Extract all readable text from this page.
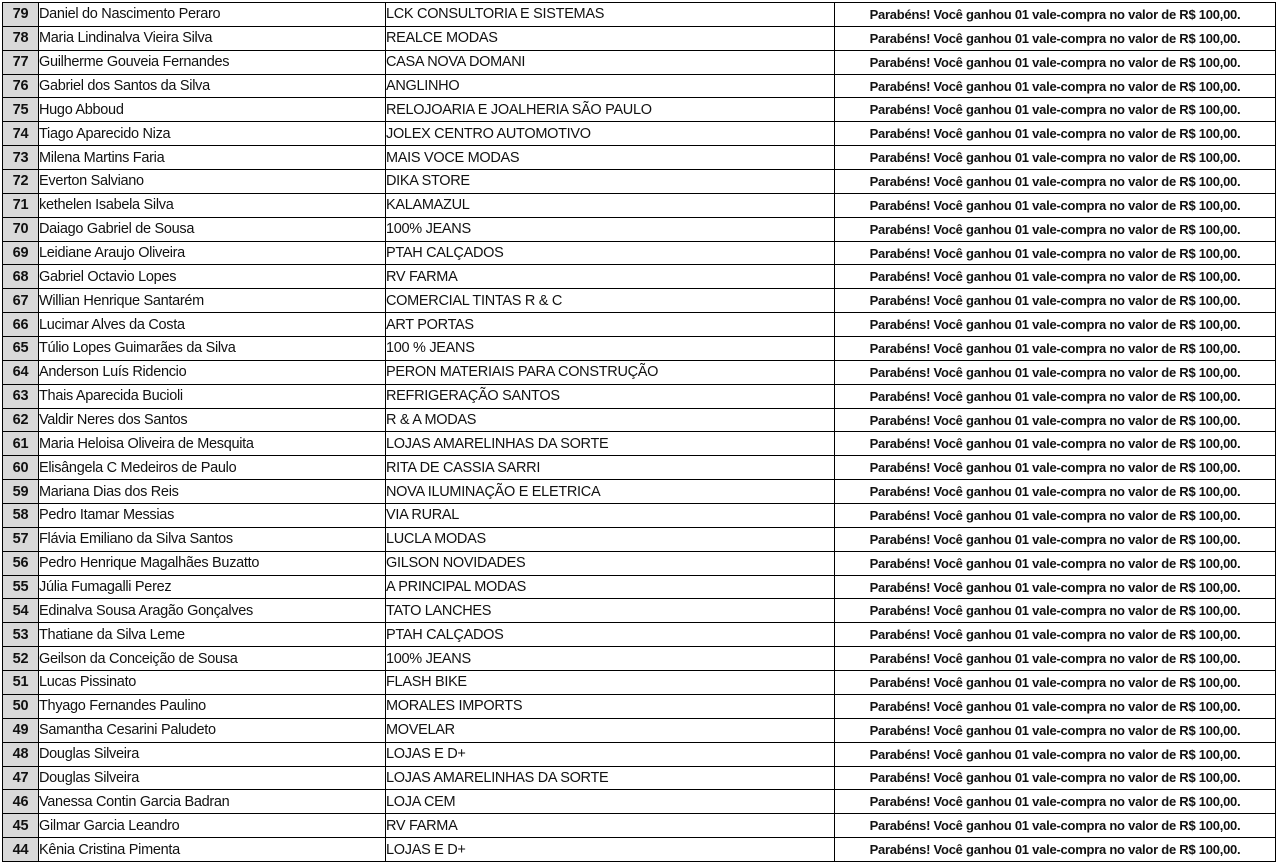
79	Daniel do Nascimento Peraro	LCK CONSULTORIA E SISTEMAS	Parabéns! Você ganhou 01 vale-compra no valor de R$ 100,00.
78	Maria Lindinalva Vieira Silva	REALCE MODAS	Parabéns! Você ganhou 01 vale-compra no valor de R$ 100,00.
77	Guilherme Gouveia Fernandes	CASA NOVA DOMANI	Parabéns! Você ganhou 01 vale-compra no valor de R$ 100,00.
76	Gabriel dos Santos da Silva	ANGLINHO	Parabéns! Você ganhou 01 vale-compra no valor de R$ 100,00.
75	Hugo Abboud	RELOJOARIA E JOALHERIA SÃO PAULO	Parabéns! Você ganhou 01 vale-compra no valor de R$ 100,00.
74	Tiago Aparecido Niza	JOLEX CENTRO AUTOMOTIVO	Parabéns! Você ganhou 01 vale-compra no valor de R$ 100,00.
73	Milena Martins Faria	MAIS VOCE MODAS	Parabéns! Você ganhou 01 vale-compra no valor de R$ 100,00.
72	Everton Salviano	DIKA STORE	Parabéns! Você ganhou 01 vale-compra no valor de R$ 100,00.
71	kethelen Isabela Silva	KALAMAZUL	Parabéns! Você ganhou 01 vale-compra no valor de R$ 100,00.
70	Daiago Gabriel de Sousa	100% JEANS	Parabéns! Você ganhou 01 vale-compra no valor de R$ 100,00.
69	Leidiane Araujo Oliveira	PTAH CALÇADOS	Parabéns! Você ganhou 01 vale-compra no valor de R$ 100,00.
68	Gabriel Octavio Lopes	RV FARMA	Parabéns! Você ganhou 01 vale-compra no valor de R$ 100,00.
67	Willian Henrique Santarém	COMERCIAL TINTAS R & C	Parabéns! Você ganhou 01 vale-compra no valor de R$ 100,00.
66	Lucimar Alves da Costa	ART PORTAS	Parabéns! Você ganhou 01 vale-compra no valor de R$ 100,00.
65	Túlio Lopes Guimarães da Silva	100 % JEANS	Parabéns! Você ganhou 01 vale-compra no valor de R$ 100,00.
64	Anderson Luís Ridencio	PERON MATERIAIS PARA CONSTRUÇÃO	Parabéns! Você ganhou 01 vale-compra no valor de R$ 100,00.
63	Thais Aparecida Bucioli	REFRIGERAÇÃO SANTOS	Parabéns! Você ganhou 01 vale-compra no valor de R$ 100,00.
62	Valdir Neres dos Santos	R & A MODAS	Parabéns! Você ganhou 01 vale-compra no valor de R$ 100,00.
61	Maria Heloisa Oliveira de Mesquita	LOJAS AMARELINHAS DA SORTE	Parabéns! Você ganhou 01 vale-compra no valor de R$ 100,00.
60	Elisângela C Medeiros de Paulo	RITA DE CASSIA SARRI	Parabéns! Você ganhou 01 vale-compra no valor de R$ 100,00.
59	Mariana Dias dos Reis	NOVA ILUMINAÇÃO E ELETRICA	Parabéns! Você ganhou 01 vale-compra no valor de R$ 100,00.
58	Pedro Itamar Messias	VIA RURAL	Parabéns! Você ganhou 01 vale-compra no valor de R$ 100,00.
57	Flávia Emiliano da Silva Santos	LUCLA MODAS	Parabéns! Você ganhou 01 vale-compra no valor de R$ 100,00.
56	Pedro Henrique Magalhães Buzatto	GILSON NOVIDADES	Parabéns! Você ganhou 01 vale-compra no valor de R$ 100,00.
55	Júlia Fumagalli Perez	A PRINCIPAL MODAS	Parabéns! Você ganhou 01 vale-compra no valor de R$ 100,00.
54	Edinalva Sousa Aragão Gonçalves	TATO LANCHES	Parabéns! Você ganhou 01 vale-compra no valor de R$ 100,00.
53	Thatiane da Silva Leme	PTAH CALÇADOS	Parabéns! Você ganhou 01 vale-compra no valor de R$ 100,00.
52	Geilson da Conceição de Sousa	100% JEANS	Parabéns! Você ganhou 01 vale-compra no valor de R$ 100,00.
51	Lucas Pissinato	FLASH BIKE	Parabéns! Você ganhou 01 vale-compra no valor de R$ 100,00.
50	Thyago Fernandes Paulino	MORALES IMPORTS	Parabéns! Você ganhou 01 vale-compra no valor de R$ 100,00.
49	Samantha Cesarini Paludeto	MOVELAR	Parabéns! Você ganhou 01 vale-compra no valor de R$ 100,00.
48	Douglas Silveira	LOJAS E D+	Parabéns! Você ganhou 01 vale-compra no valor de R$ 100,00.
47	Douglas Silveira	LOJAS AMARELINHAS DA SORTE	Parabéns! Você ganhou 01 vale-compra no valor de R$ 100,00.
46	Vanessa Contin Garcia Badran	LOJA CEM	Parabéns! Você ganhou 01 vale-compra no valor de R$ 100,00.
45	Gilmar Garcia Leandro	RV FARMA	Parabéns! Você ganhou 01 vale-compra no valor de R$ 100,00.
44	Kênia Cristina Pimenta	LOJAS E D+	Parabéns! Você ganhou 01 vale-compra no valor de R$ 100,00.
